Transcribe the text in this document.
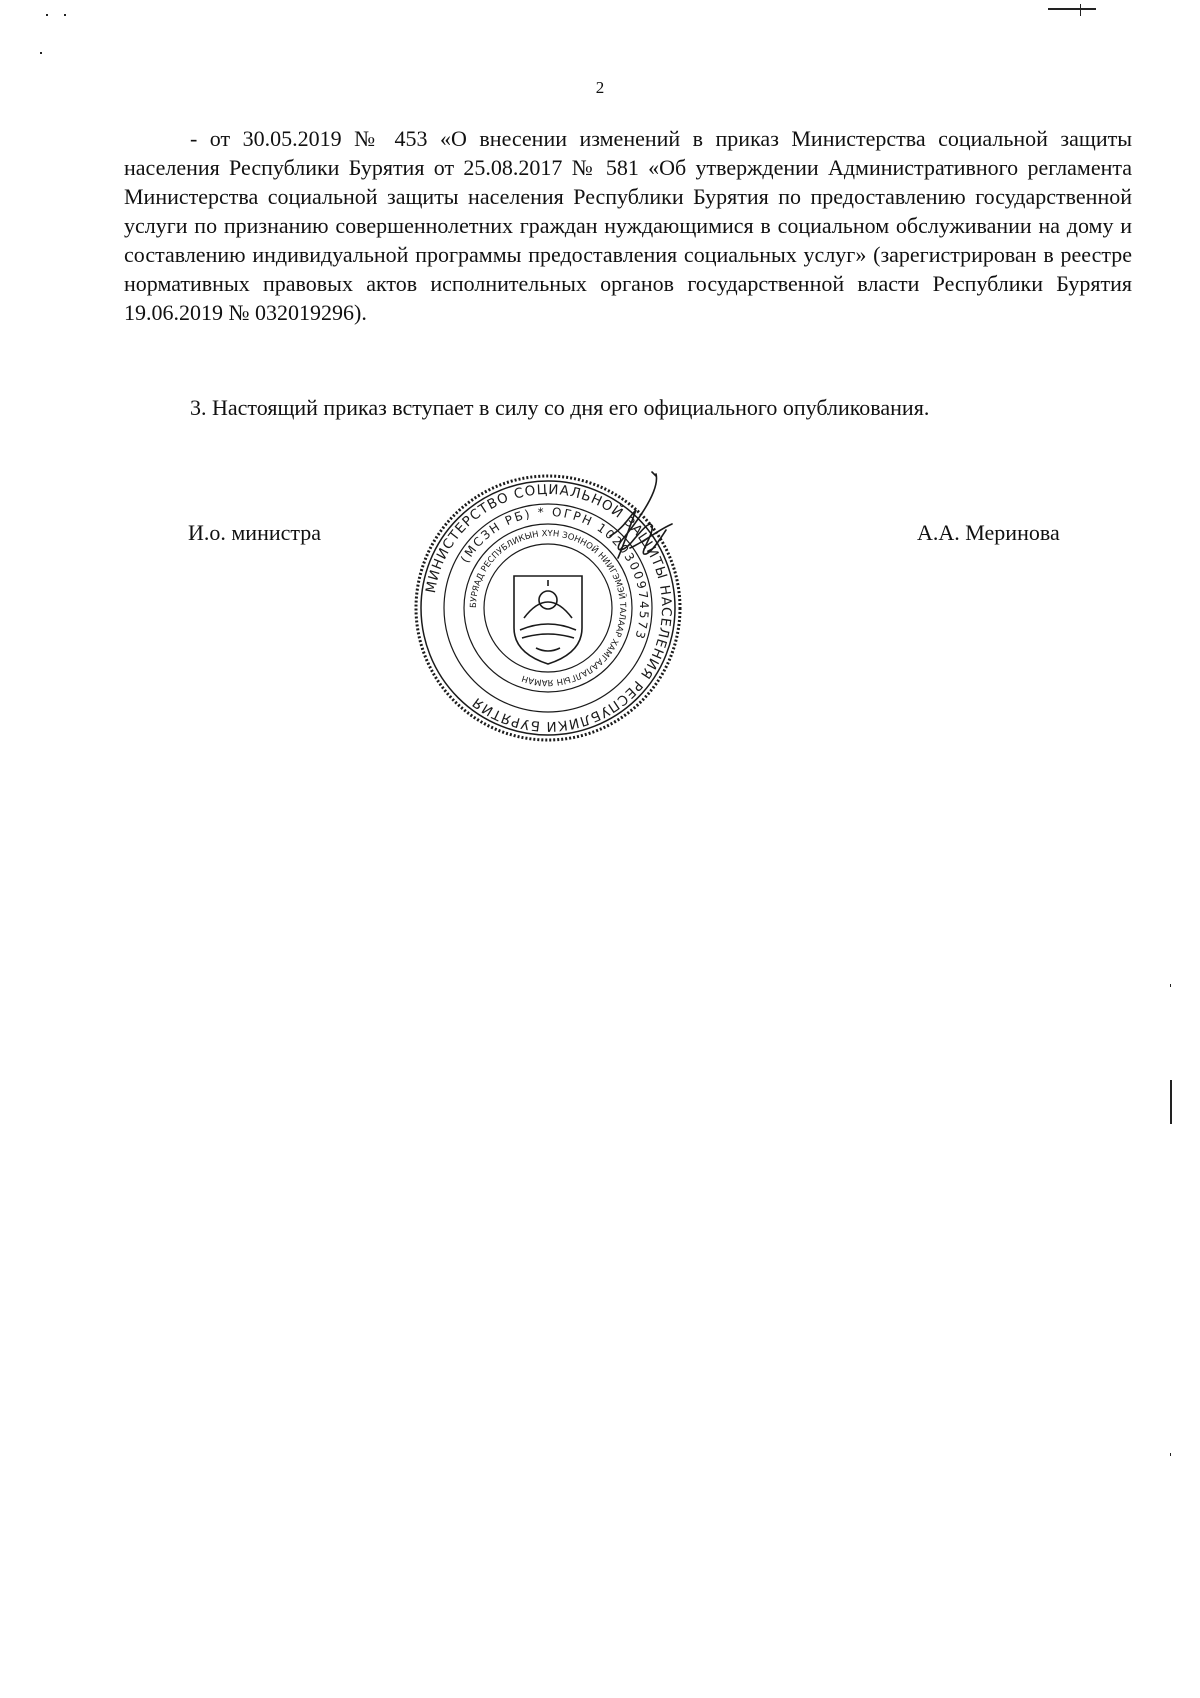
2
- от 30.05.2019 № 453 «О внесении изменений в приказ Министерства социальной защиты населения Республики Бурятия от 25.08.2017 № 581 «Об утверждении Административного регламента Министерства социальной защиты населения Республики Бурятия по предоставлению государственной услуги по признанию совершеннолетних граждан нуждающимися в социальном обслуживании на дому и составлению индивидуальной программы предоставления социальных услуг» (зарегистрирован в реестре нормативных правовых актов исполнительных органов государственной власти Республики Бурятия 19.06.2019 № 032019296).
3. Настоящий приказ вступает в силу со дня его официального опубликования.
И.о. министра	А.А. Меринова
МИНИСТЕРСТВО СОЦИАЛЬНОЙ ЗАЩИТЫ НАСЕЛЕНИЯ РЕСПУБЛИКИ БУРЯТИЯ
(МСЗН РБ) * ОГРН 1020300974573
БУРЯАД РЕСПУБЛИКЫН ХҮН ЗОННОЙ НИИГЭМЭЙ ТАЛААР ХАМГААЛАЛГЫН ЯАМАН
